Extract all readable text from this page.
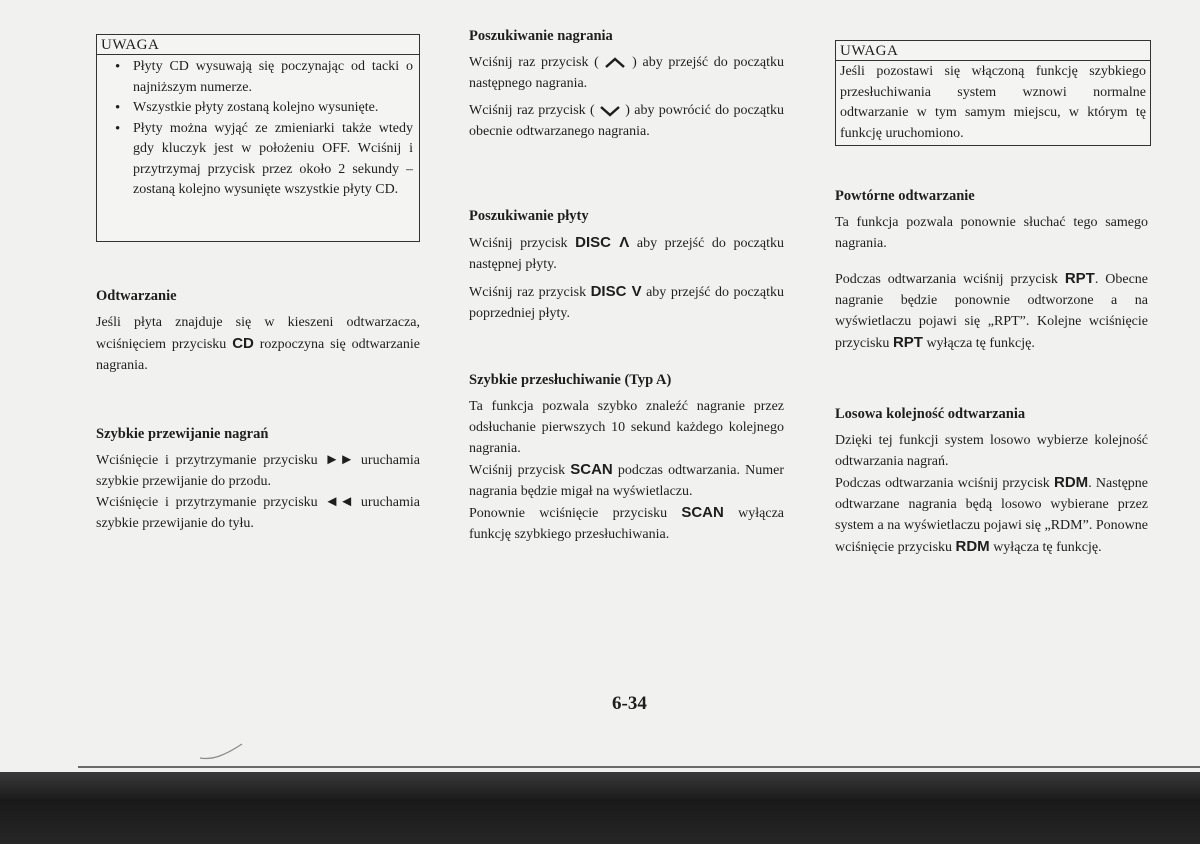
UWAGA
• Płyty CD wysuwają się poczynając od tacki o najniższym numerze.
• Wszystkie płyty zostaną kolejno wysunięte.
• Płyty można wyjąć ze zmieniarki także wtedy gdy kluczyk jest w położeniu OFF. Wciśnij i przytrzymaj przycisk przez około 2 sekundy – zostaną kolejno wysunięte wszystkie płyty CD.
Odtwarzanie

Jeśli płyta znajduje się w kieszeni odtwarzacza, wciśnięciem przycisku CD rozpoczyna się odtwarzanie nagrania.

Szybkie przewijanie nagrań

Wciśnięcie i przytrzymanie przycisku ►► uruchamia szybkie przewijanie do przodu.

Wciśnięcie i przytrzymanie przycisku ◄◄ uruchamia szybkie przewijanie do tyłu.

Poszukiwanie nagrania

Wciśnij raz przycisk (  ) aby przejść do początku następnego nagrania.

Wciśnij raz przycisk (  ) aby powrócić do początku obecnie odtwarzanego nagrania.

Poszukiwanie płyty

Wciśnij przycisk DISC Λ aby przejść do początku następnej płyty.

Wciśnij raz przycisk DISC V aby przejść do początku poprzedniej płyty.

Szybkie przesłuchiwanie (Typ A)

Ta funkcja pozwala szybko znaleźć nagranie przez odsłuchanie pierwszych 10 sekund każdego kolejnego nagrania.

Wciśnij przycisk SCAN podczas odtwarzania. Numer nagrania będzie migał na wyświetlaczu.

Ponownie wciśnięcie przycisku SCAN wyłącza funkcję szybkiego przesłuchiwania.

UWAGA
Jeśli pozostawi się włączoną funkcję szybkiego przesłuchiwania system wznowi normalne odtwarzanie w tym samym miejscu, w którym tę funkcję uruchomiono.
Powtórne odtwarzanie

Ta funkcja pozwala ponownie słuchać tego samego nagrania.

Podczas odtwarzania wciśnij przycisk RPT. Obecne nagranie będzie ponownie odtworzone a na wyświetlaczu pojawi się „RPT”. Kolejne wciśnięcie przycisku RPT wyłącza tę funkcję.

Losowa kolejność odtwarzania

Dzięki tej funkcji system losowo wybierze kolejność odtwarzania nagrań.

Podczas odtwarzania wciśnij przycisk RDM. Następne odtwarzane nagrania będą losowo wybierane przez system a na wyświetlaczu pojawi się „RDM”. Ponowne wciśnięcie przycisku RDM wyłącza tę funkcję.

6-34
